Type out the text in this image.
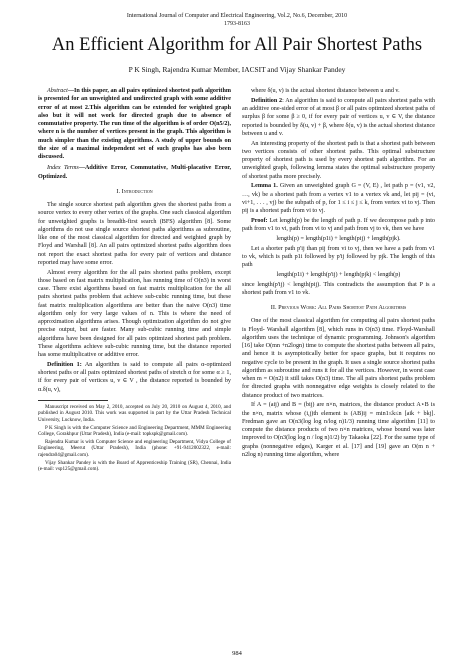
International Journal of Computer and Electrical Engineering, Vol.2, No.6, December, 2010
1793-8163
An Efficient Algorithm for All Pair Shortest Paths
P K Singh, Rajendra Kumar Member, IACSIT and Vijay Shankar Pandey

Abstract—In this paper, an all pairs optimized shortest path algorithm is presented for an unweighted and undirected graph with some additive error of at most 2.This algorithm can be extended for weighted graph also but it will not work for directed graph due to absence of commutative property. The run time of the algorithm is of order O(n5/2), where n is the number of vertices present in the graph. This algorithm is much simpler than the existing algorithms. A study of upper bounds on the size of a maximal independent set of such graphs has also been discussed.

Index Terms—Additive Error, Commutative, Multi-placative Error, Optimized.

I. Introduction

The single source shortest path algorithm gives the shortest paths from a source vertex to every other vertex of the graphs. One such classical algorithm for unweighted graphs is breadth-first search (BFS) algorithm [8]. Some algorithms do not use single source shortest paths algorithms as subroutine, like one of the most classical algorithm for directed and weighted graph by Floyd and Warshall [8]. An all pairs optimized shortest paths algorithm does not report the exact shortest paths for every pair of vertices and distance reported may have some error.

Almost every algorithm for the all pairs shortest paths problem, except those based on fast matrix multiplication, has running time of O(n3) in worst case. There exist algorithms based on fast matrix multiplication for the all pairs shortest paths problem that achieve sub-cubic running time, but these fast matrix multiplication algorithms are better than the naive O(n3) time algorithm only for very large values of n. This is where the need of approximation algorithms arises. Though optimization algorithm do not give precise output, but are faster. Many sub-cubic running time and simple algorithms have been designed for all pairs optimized shortest path problem. These algorithms achieve sub-cubic running time, but the distance reported has some multiplicative or additive error.

Definition 1: An algorithm is said to compute all pairs α-optimized shortest paths or all pairs optimized shortest paths of stretch α for some α ≥ 1, if for every pair of vertices u, v ∈ V , the distance reported is bounded by α.δ(u, v),

Manuscript received on May 2, 2010, accepted on July 20, 2010 on August 4, 2010, and published in August 2010. This work was supported in part by the Uttar Pradesh Technical University, Lucknow, India.

P K Singh is with the Computer Science and Engineering Department, MMM Engineering College, Gorakhpur (Uttar Pradesh), India (e-mail: topkspk@gmail.com).

Rajendra Kumar is with Computer Science and engineering Department, Vidya College of Engineering, Meerut (Uttar Pradesh), India (phone: +91-9412002322, e-mail: rajendra04@gmail.com).

Vijay Shankar Pandey is with the Board of Apprenticeship Training (SR), Chennai, India (e-mail: vsp125@gmail.com).

where δ(u, v) is the actual shortest distance between u and v.

Definition 2: An algorithm is said to compute all pairs shortest paths with an additive one-sided error of at most β or all pairs optimized shortest paths of surplus β for some β ≥ 0, if for every pair of vertices u, v ∈ V, the distance reported is bounded by δ(u, v) + β, where δ(u, v) is the actual shortest distance between u and v.

An interesting property of the shortest path is that a shortest path between two vertices consists of other shortest paths. This optimal substructure property of shortest path is used by every shortest path algorithm. For an unweighted graph, following lemma states the optimal substructure property of shortest paths more precisely.

Lemma 1. Given an unweighted graph G = (V, E) , let path p = (v1, v2, …, vk) be a shortest path from a vertex v1 to a vertex vk and, let pij = (vi, vi+1, . . . , vj) be the subpath of p, for 1 ≤ i ≤ j ≤ k, from vertex vi to vj. Then pij is a shortest path from vi to vj.

Proof: Let length(p) be the length of path p. If we decompose path p into path from v1 to vi, path from vi to vj and path from vj to vk, then we have

length(p) = length(p1i) + length(pij) + length(pjk).

Let a shorter path p'ij than pij from vi to vj, then we have a path from v1 to vk, which is path p1i followed by p'ij followed by pjk. The length of this path

length(p1i) + length(p'ij) + length(pjk) < length(p)

since length(p'ij) < length(pij). This contradicts the assumption that P is a shortest path from v1 to vk.

II. Previous Work: All Pairs Shortest Path Algorithms

One of the most classical algorithm for computing all pairs shortest paths is Floyd- Warshall algorithm [8], which runs in O(n3) time. Floyd-Warshall algorithm uses the technique of dynamic programming. Johnson's algorithm [16] take O(mn +n2logn) time to compute the shortest paths between all pairs, and hence it is asymptotically better for space graphs, but it requires no negative cycle to be present in the graph. It uses a single source shortest paths algorithm as subroutine and runs it for all the vertices. However, in worst case when m = O(n2) it still takes O(n3) time. The all pairs shortest paths problem for directed graphs with nonnegative edge weights is closely related to the distance product of two matrices.

If A = (aij) and B = (bij) are n×n, matrices, the distance product A⋆B is the n×n, matrix whose (i,j)th element is (AB)ij = min1≤k≤n [aik + bkj]. Fredman gave an O(n3(log log n/log n)1/3) running time algorithm [11] to compute the distance products of two n×n matrices, whose bound was later improved to O(n3(log log n / log n)1/2) by Takaoka [22]. For the same type of graphs (nonnegative edges), Karger et al. [17] and [19] gave an O(m n + n2log n) running time algorithm, where

984
